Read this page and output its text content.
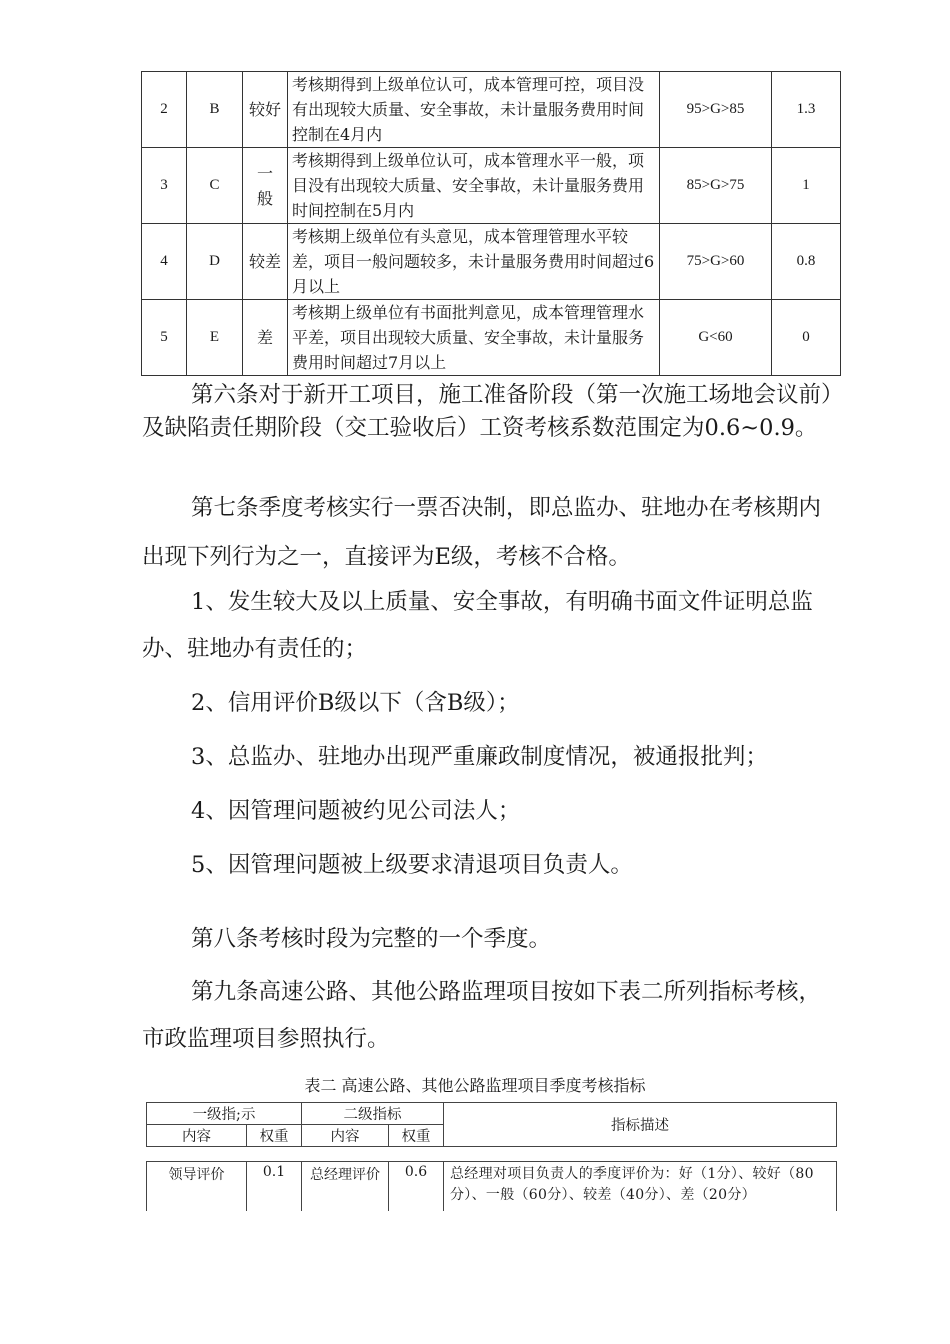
2	B	较好	考核期得到上级单位认可，成本管理可控，项目没有出现较大质量、安全事故，未计量服务费用时间控制在4月内	95>G>85	1.3
3	C	一般	考核期得到上级单位认可，成本管理水平一般，项目没有出现较大质量、安全事故，未计量服务费用时间控制在5月内	85>G>75	1
4	D	较差	考核期上级单位有头意见，成本管理管理水平较差，项目一般问题较多，未计量服务费用时间超过6月以上	75>G>60	0.8
5	E	差	考核期上级单位有书面批判意见，成本管理管理水平差，项目出现较大质量、安全事故，未计量服务费用时间超过7月以上	G<60	0

第六条对于新开工项目，施工准备阶段（第一次施工场地会议前）及缺陷责任期阶段（交工验收后）工资考核系数范围定为0.6~0.9。

第七条季度考核实行一票否决制，即总监办、驻地办在考核期内出现下列行为之一，直接评为E级，考核不合格。

1、发生较大及以上质量、安全事故，有明确书面文件证明总监办、驻地办有责任的；

2、信用评价B级以下（含B级）；

3、总监办、驻地办出现严重廉政制度情况，被通报批判；

4、因管理问题被约见公司法人；

5、因管理问题被上级要求清退项目负责人。

第八条考核时段为完整的一个季度。

第九条高速公路、其他公路监理项目按如下表二所列指标考核，市政监理项目参照执行。

表二 高速公路、其他公路监理项目季度考核指标
一级指;示		二级指标		指标描述
内容	权重	内容	权重	
领导评价	0.1	总经理评价	0.6	总经理对项目负责人的季度评价为：好（1分）、较好（80分）、一般（60分）、较差（40分）、差（20分）
